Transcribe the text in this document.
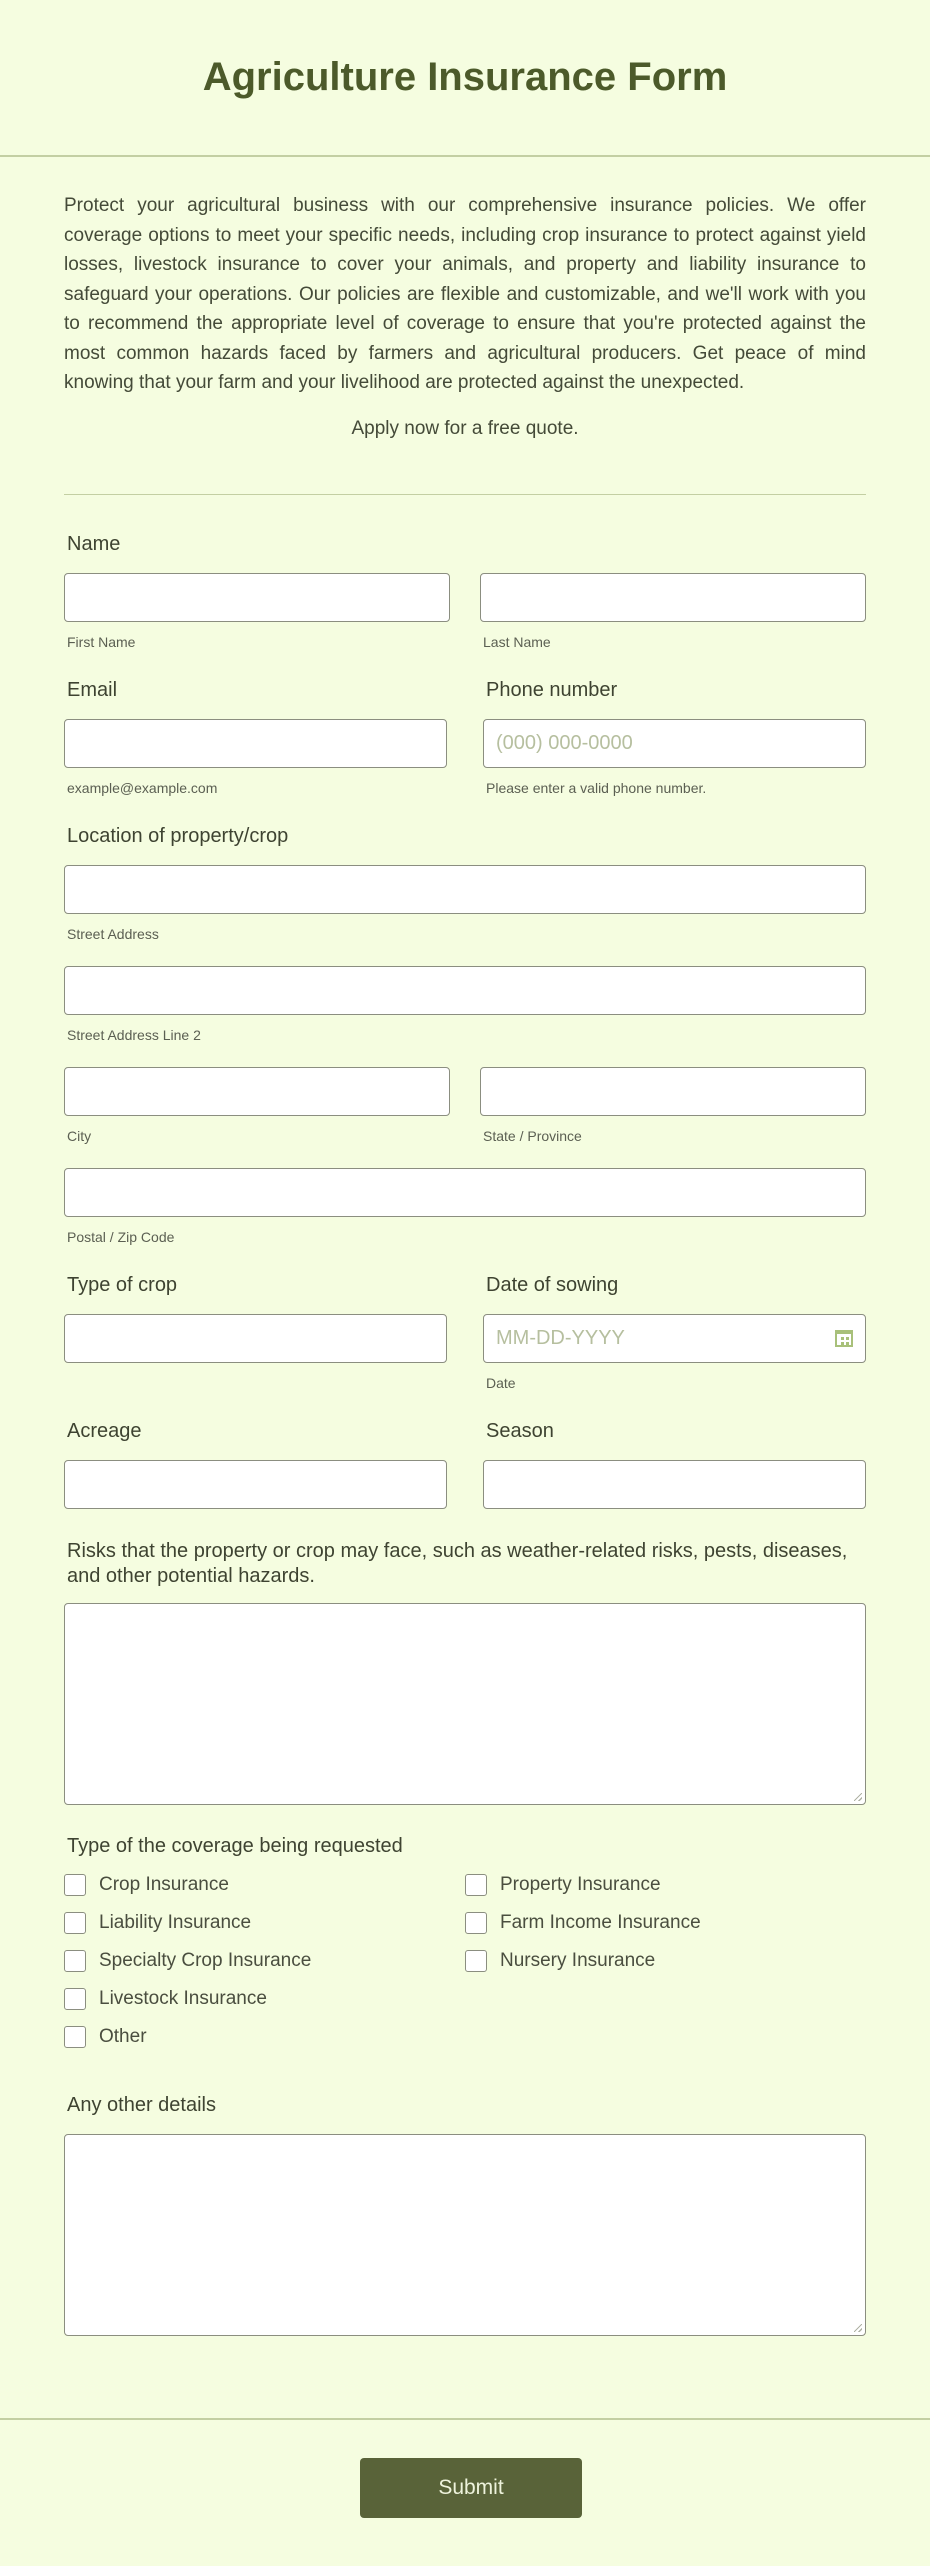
Agriculture Insurance Form
Protect your agricultural business with our comprehensive insurance policies. We offer coverage options to meet your specific needs, including crop insurance to protect against yield losses, livestock insurance to cover your animals, and property and liability insurance to safeguard your operations. Our policies are flexible and customizable, and we'll work with you to recommend the appropriate level of coverage to ensure that you're protected against the most common hazards faced by farmers and agricultural producers. Get peace of mind knowing that your farm and your livelihood are protected against the unexpected.
Apply now for a free quote.
Name
First Name	Last Name
Email
example@example.com
Phone number
(000) 000-0000
Please enter a valid phone number.
Location of property/crop
Street Address
Street Address Line 2
City	State / Province
Postal / Zip Code
Type of crop	Date of sowing
MM-DD-YYYY
Date
Acreage	Season
Risks that the property or crop may face, such as weather-related risks, pests, diseases, and other potential hazards.
Type of the coverage being requested
Crop Insurance
Liability Insurance
Specialty Crop Insurance
Livestock Insurance
Other
Property Insurance
Farm Income Insurance
Nursery Insurance
Any other details
Submit
